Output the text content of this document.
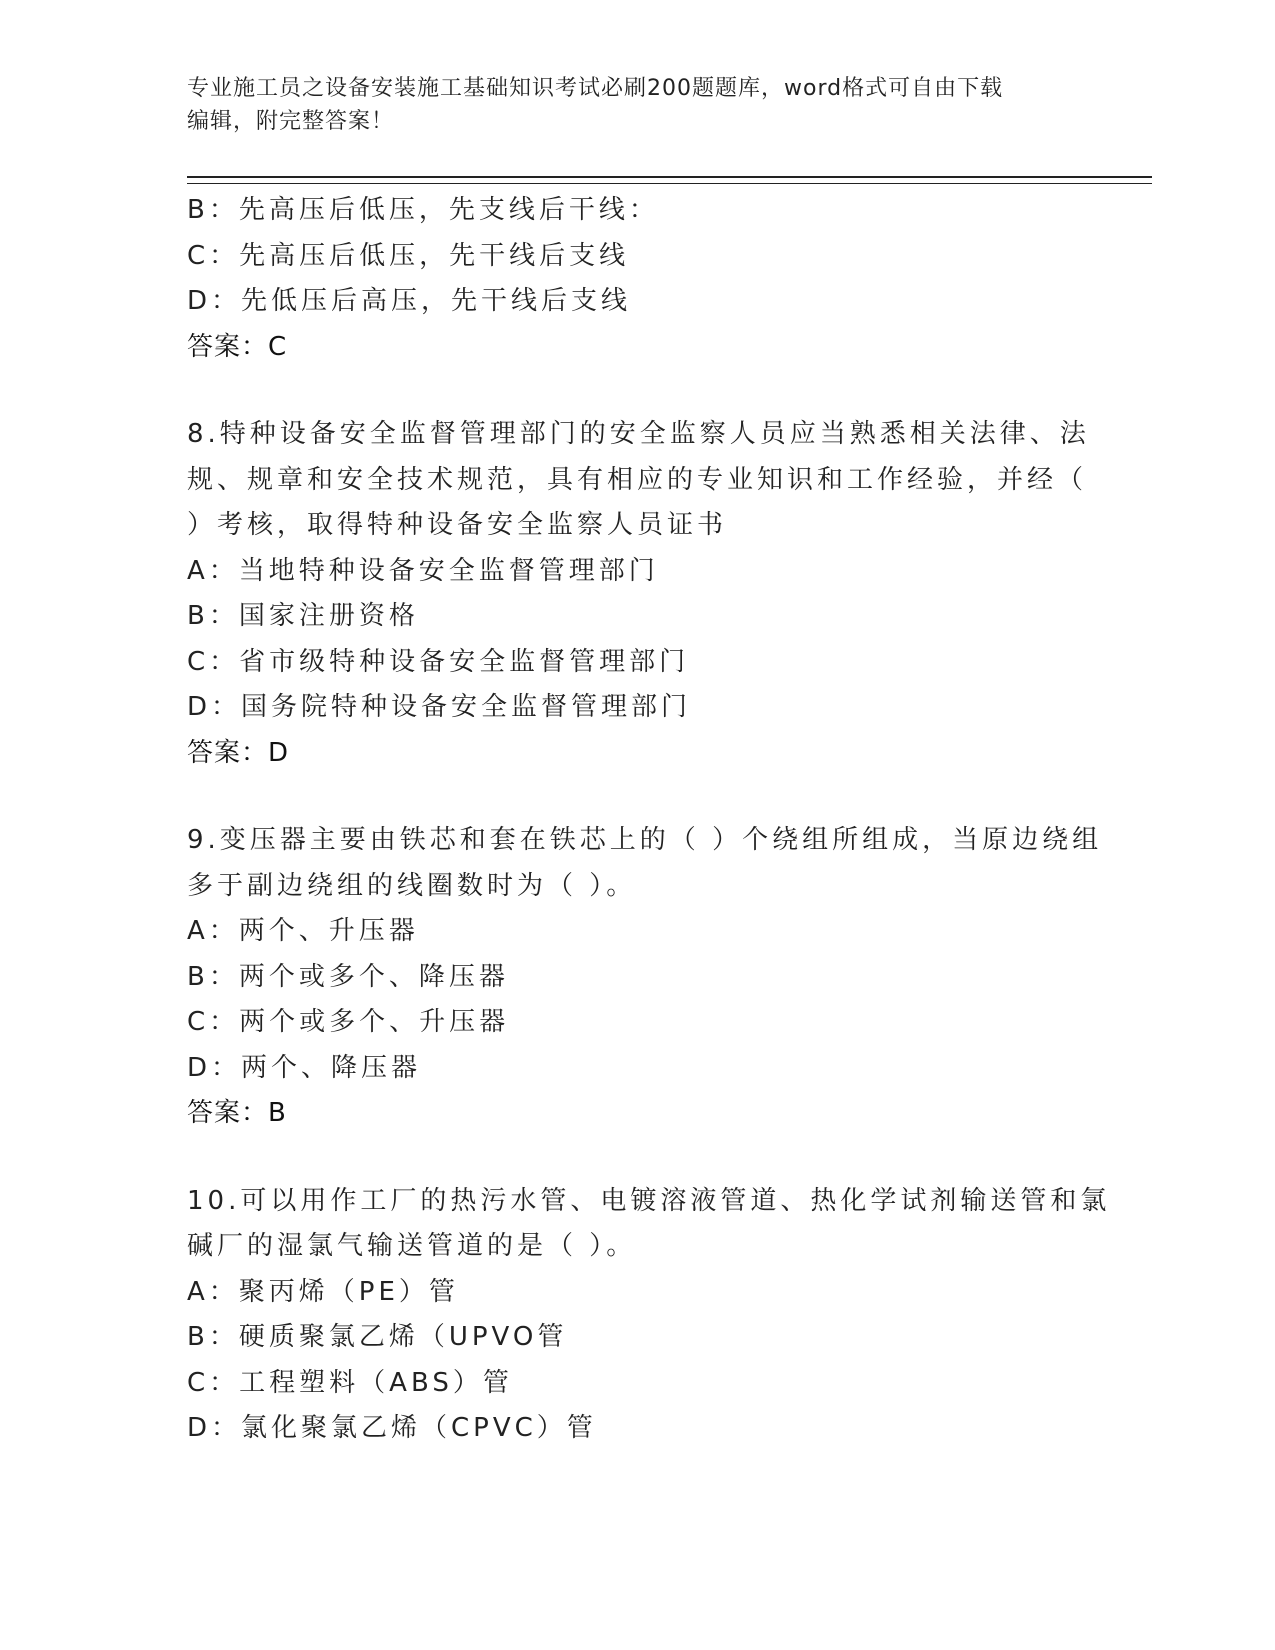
专业施工员之设备安装施工基础知识考试必刷200题题库，word格式可自由下载
编辑，附完整答案！
B：先高压后低压，先支线后干线：
C：先高压后低压，先干线后支线
D：先低压后高压，先干线后支线
答案：C
8.特种设备安全监督管理部门的安全监察人员应当熟悉相关法律、法
规、规章和安全技术规范，具有相应的专业知识和工作经验，并经（
）考核，取得特种设备安全监察人员证书
A：当地特种设备安全监督管理部门
B：国家注册资格
C：省市级特种设备安全监督管理部门
D：国务院特种设备安全监督管理部门
答案：D
9.变压器主要由铁芯和套在铁芯上的（ ）个绕组所组成，当原边绕组
多于副边绕组的线圈数时为（ ）。
A：两个、升压器
B：两个或多个、降压器
C：两个或多个、升压器
D：两个、降压器
答案：B
10.可以用作工厂的热污水管、电镀溶液管道、热化学试剂输送管和氯
碱厂的湿氯气输送管道的是（ ）。
A：聚丙烯（PE）管
B：硬质聚氯乙烯（UPVO管
C：工程塑料（ABS）管
D：氯化聚氯乙烯（CPVC）管
